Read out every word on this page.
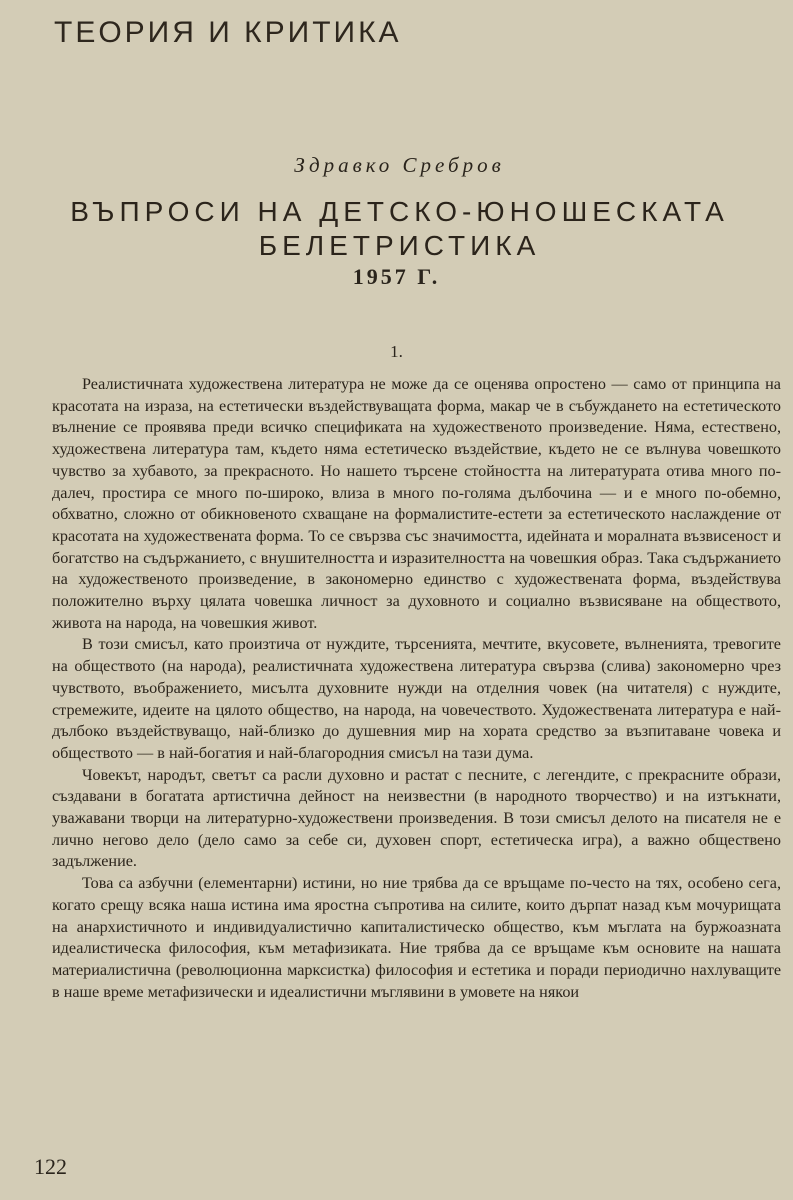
ТЕОРИЯ И КРИТИКА
Здравко Сребров
ВЪПРОСИ НА ДЕТСКО-ЮНОШЕСКАТА
БЕЛЕТРИСТИКА
1957 Г.
1.

Реалистичната художествена литература не може да се оценява опростено — само от принципа на красотата на израза, на естетически въздействуващата форма, макар че в събуждането на естетическото вълнение се проявява преди всичко спецификата на художественото произведение. Няма, естествено, художествена литература там, където няма естетическо въздействие, където не се вълнува човешкото чувство за хубавото, за прекрасното. Но нашето търсене стойността на литературата отива много по-далеч, простира се много по-широко, влиза в много по-голяма дълбочина — и е много по-обемно, обхватно, сложно от обикновеното схващане на формалистите-естети за естетическото наслаждение от красотата на художествената форма. То се свързва със значимостта, идейната и моралната възвисеност и богатство на съдържанието, с внушителността и изразителността на човешкия образ. Така съдържанието на художественото произведение, в закономерно единство с художествената форма, въздействува положително върху цялата човешка личност за духовното и социално възвисяване на обществото, живота на народа, на човешкия живот.

В този смисъл, като произтича от нуждите, търсенията, мечтите, вкусовете, вълненията, тревогите на обществото (на народа), реалистичната художествена литература свързва (слива) закономерно чрез чувството, въображението, мисълта духовните нужди на отделния човек (на читателя) с нуждите, стремежите, идеите на цялото общество, на народа, на човечеството. Художествената литература е най-дълбоко въздействуващо, най-близко до душевния мир на хората средство за възпитаване човека и обществото — в най-богатия и най-благородния смисъл на тази дума.

Човекът, народът, светът са расли духовно и растат с песните, с легендите, с прекрасните образи, създавани в богатата артистична дейност на неизвестни (в народното творчество) и на изтъкнати, уважавани творци на литературно-художествени произведения. В този смисъл делото на писателя не е лично негово дело (дело само за себе си, духовен спорт, естетическа игра), а важно обществено задължение.

Това са азбучни (елементарни) истини, но ние трябва да се връщаме по-често на тях, особено сега, когато срещу всяка наша истина има яростна съпротива на силите, които дърпат назад към мочурищата на анархистичното и индивидуалистично капиталистическо общество, към мъглата на буржоазната идеалистическа философия, към метафизиката. Ние трябва да се връщаме към основите на нашата материалистична (революционна марксистка) философия и естетика и поради периодично нахлуващите в наше време метафизически и идеалистични мъглявини в умовете на някои

122
